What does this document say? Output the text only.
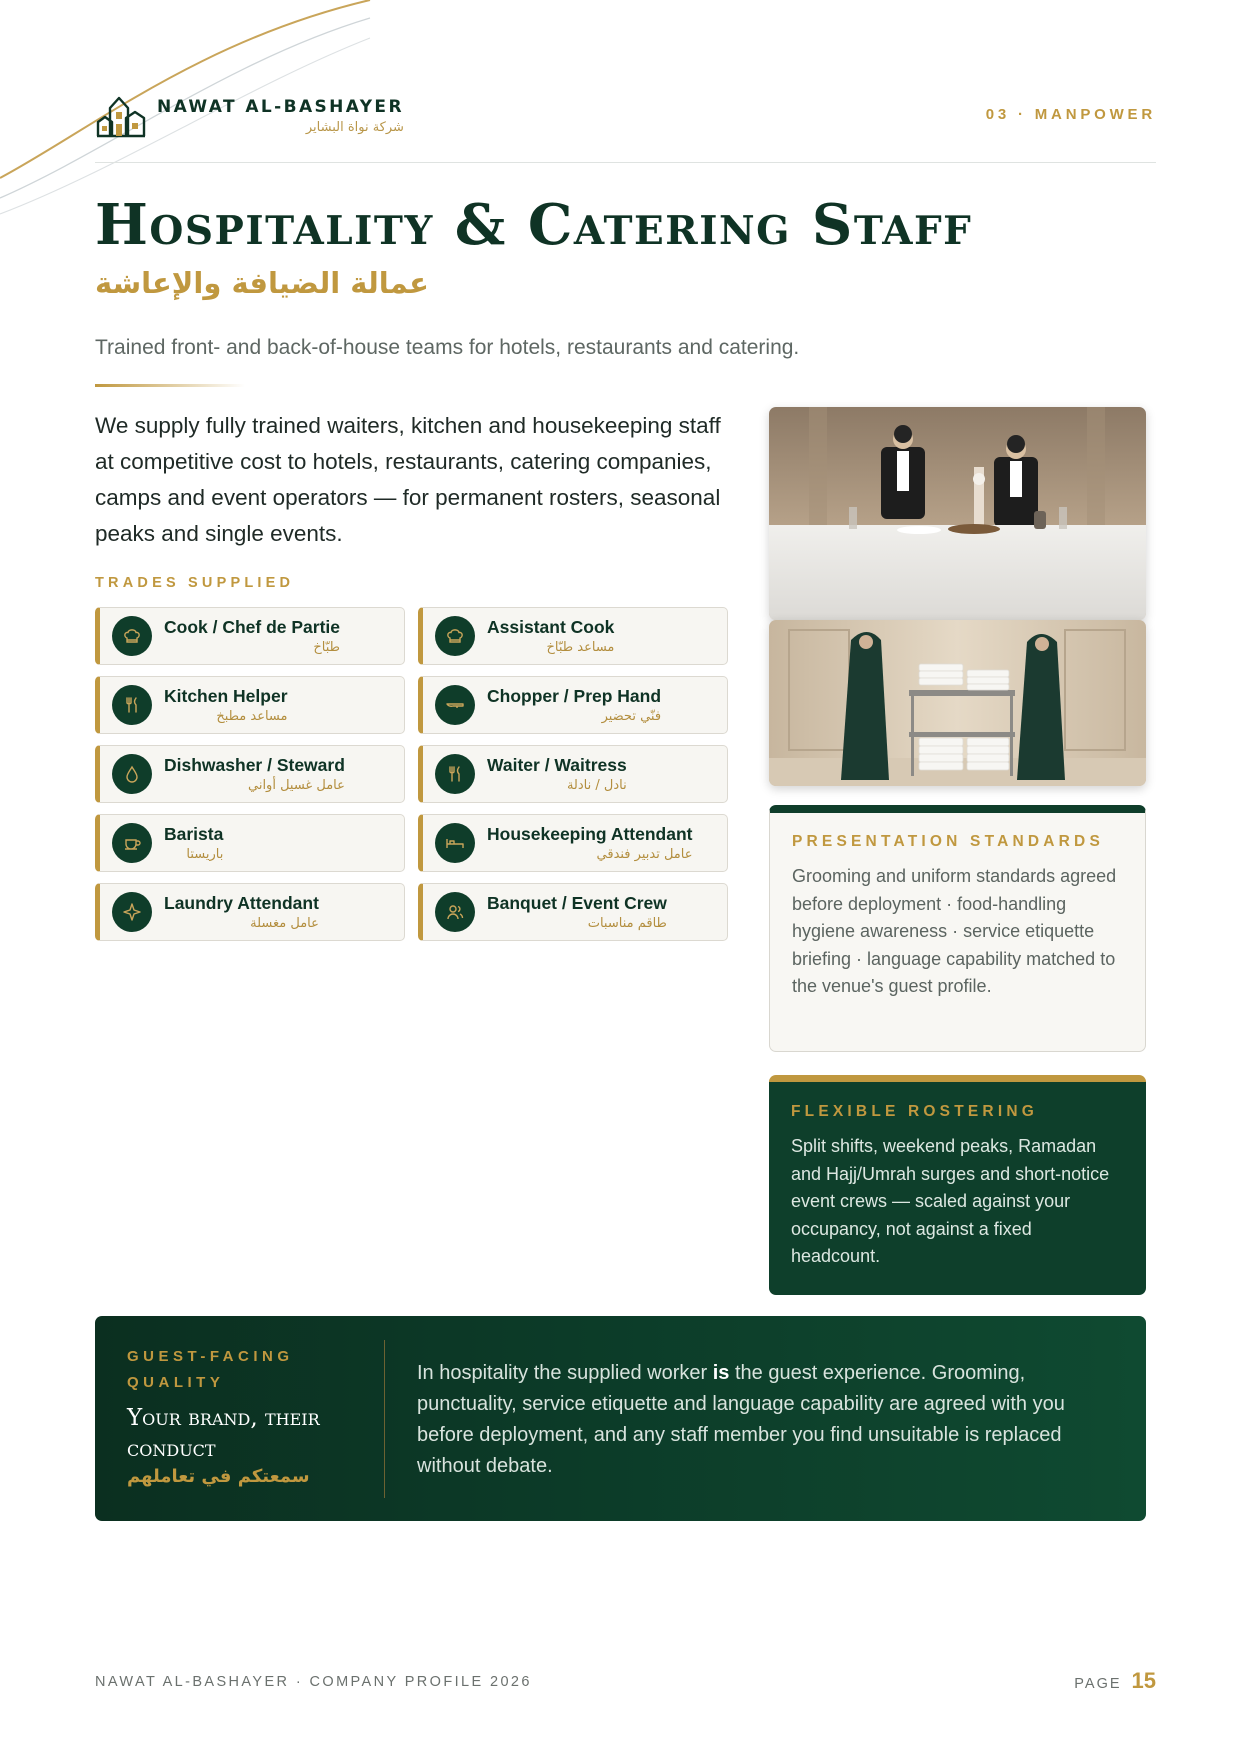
NAWAT AL-BASHAYER
شركة نواة البشاير
03 · MANPOWER
Hospitality & Catering Staff
عمالة الضيافة والإعاشة

Trained front- and back-of-house teams for hotels, restaurants and catering.

We supply fully trained waiters, kitchen and housekeeping staff at competitive cost to hotels, restaurants, catering companies, camps and event operators — for permanent rosters, seasonal peaks and single events.

TRADES SUPPLIED
Cook / Chef de Partie
طبّاخ
Assistant Cook
مساعد طبّاخ
Kitchen Helper
مساعد مطبخ
Chopper / Prep Hand
فنّي تحضير
Dishwasher / Steward
عامل غسيل أواني
Waiter / Waitress
نادل / نادلة
Barista
باريستا
Housekeeping Attendant
عامل تدبير فندقي
Laundry Attendant
عامل مغسلة
Banquet / Event Crew
طاقم مناسبات
PRESENTATION STANDARDS

Grooming and uniform standards agreed before deployment · food-handling hygiene awareness · service etiquette briefing · language capability matched to the venue's guest profile.

FLEXIBLE ROSTERING

Split shifts, weekend peaks, Ramadan and Hajj/Umrah surges and short-notice event crews — scaled against your occupancy, not against a fixed headcount.

GUEST-FACING QUALITY
Your brand, their conduct
سمعتكم في تعاملهم

In hospitality the supplied worker is the guest experience. Grooming, punctuality, service etiquette and language capability are agreed with you before deployment, and any staff member you find unsuitable is replaced without debate.

NAWAT AL-BASHAYER · COMPANY PROFILE 2026	PAGE 15
